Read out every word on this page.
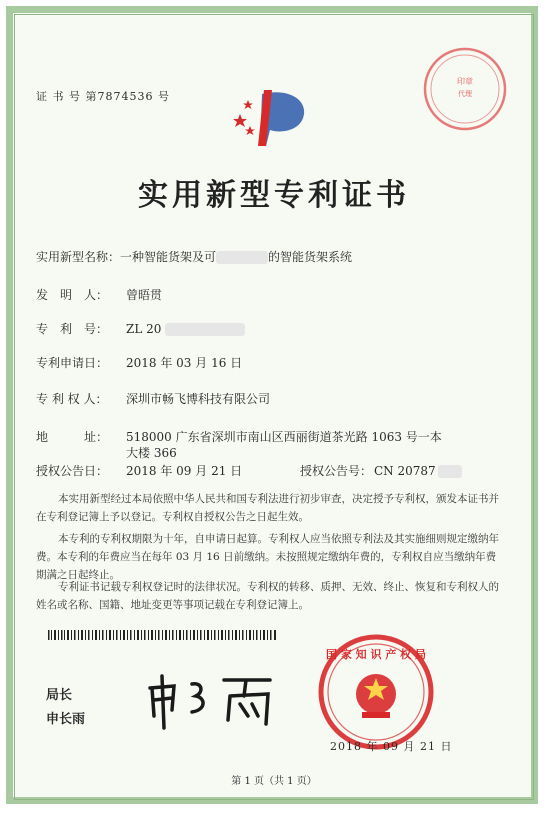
印章
代理
证 书 号 第7874536 号
实用新型专利证书
实用新型名称：一种智能货架及可	的智能货架系统
发　明　人： 曾晤贯
专　利　号： ZL 20
专利申请日： 2018 年 03 月 16 日
专 利 权 人： 深圳市畅飞博科技有限公司
地　　　址： 518000 广东省深圳市南山区西丽街道茶光路 1063 号一本
大楼 366
授权公告日： 2018 年 09 月 21 日	授权公告号： CN 20787
本实用新型经过本局依照中华人民共和国专利法进行初步审查，决定授予专利权，颁发本证书并在专利登记簿上予以登记。专利权自授权公告之日起生效。
本专利的专利权期限为十年，自申请日起算。专利权人应当依照专利法及其实施细则规定缴纳年费。本专利的年费应当在每年 03 月 16 日前缴纳。未按照规定缴纳年费的，专利权自应当缴纳年费期满之日起终止。
专利证书记载专利权登记时的法律状况。专利权的转移、质押、无效、终止、恢复和专利权人的姓名或名称、国籍、地址变更等事项记载在专利登记簿上。
局长
申长雨
国 家 知 识 产 权 局
2018 年 09 月 21 日
第 1 页（共 1 页）
